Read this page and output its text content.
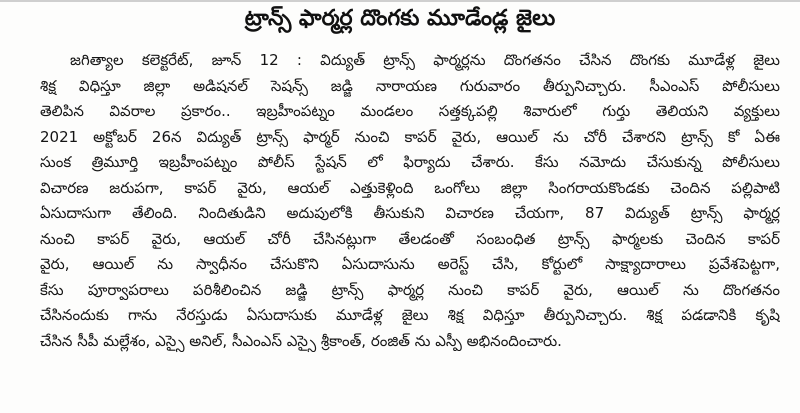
ట్రాన్స్ ఫార్మర్ల దొంగకు మూడేండ్ల జైలు
జగిత్యాల కలెక్టరేట్, జూన్ 12 : విద్యుత్ ట్రాన్స్ ఫార్మర్లను దొంగతనం చేసిన దొంగకు మూడేళ్ల జైలు
శిక్ష విధిస్తూ జిల్లా అడిషనల్ సెషన్స్ జడ్జి నారాయణ గురువారం తీర్పునిచ్చారు. సీఎంఎస్ పోలీసులు
తెలిపిన వివరాల ప్రకారం.. ఇబ్రహీంపట్నం మండలం సత్తక్కపల్లి శివారులో గుర్తు తెలియని వ్యక్తులు
2021 అక్టోబర్ 26న విద్యుత్ ట్రాన్స్ ఫార్మర్ నుంచి కాపర్ వైరు, ఆయిల్ ను చోరీ చేశారని ట్రాన్స్ కో ఏఈ
సుంక త్రిమూర్తి ఇబ్రహీంపట్నం పోలీస్ స్టేషన్ లో ఫిర్యాదు చేశారు. కేసు నమోదు చేసుకున్న పోలీసులు
విచారణ జరుపగా, కాపర్ వైరు, ఆయల్ ఎత్తుకెళ్లింది ఒంగోలు జిల్లా సింగరాయకొండకు చెందిన పల్లిపాటి
ఏసుదాసుగా తేలింది. నిందితుడిని అదుపులోకి తీసుకుని విచారణ చేయగా, 87 విద్యుత్ ట్రాన్స్ ఫార్మర్ల
నుంచి కాపర్ వైరు, ఆయల్ చోరీ చేసినట్లుగా తేలడంతో సంబంధిత ట్రాన్స్ ఫార్మలకు చెందిన కాపర్
వైరు, ఆయిల్ ను స్వాధీనం చేసుకొని ఏసుదాసును అరెస్ట్ చేసి, కోర్టులో సాక్ష్యాదారాలు ప్రవేశపెట్టగా,
కేసు పూర్వాపరాలు పరిశీలించిన జడ్జి ట్రాన్స్ ఫార్మర్ల నుంచి కాపర్ వైరు, ఆయిల్ ను దొంగతనం
చేసినందుకు గాను నేరస్తుడు ఏసుదాసుకు మూడేళ్ల జైలు శిక్ష విధిస్తూ తీర్పునిచ్చారు. శిక్ష పడడానికి కృషి
చేసిన సీపీ మల్లేశం, ఎస్సై అనిల్, సీఎంఎస్ ఎస్సై శ్రీకాంత్, రంజిత్ ను ఎస్పీ అభినందించారు.
